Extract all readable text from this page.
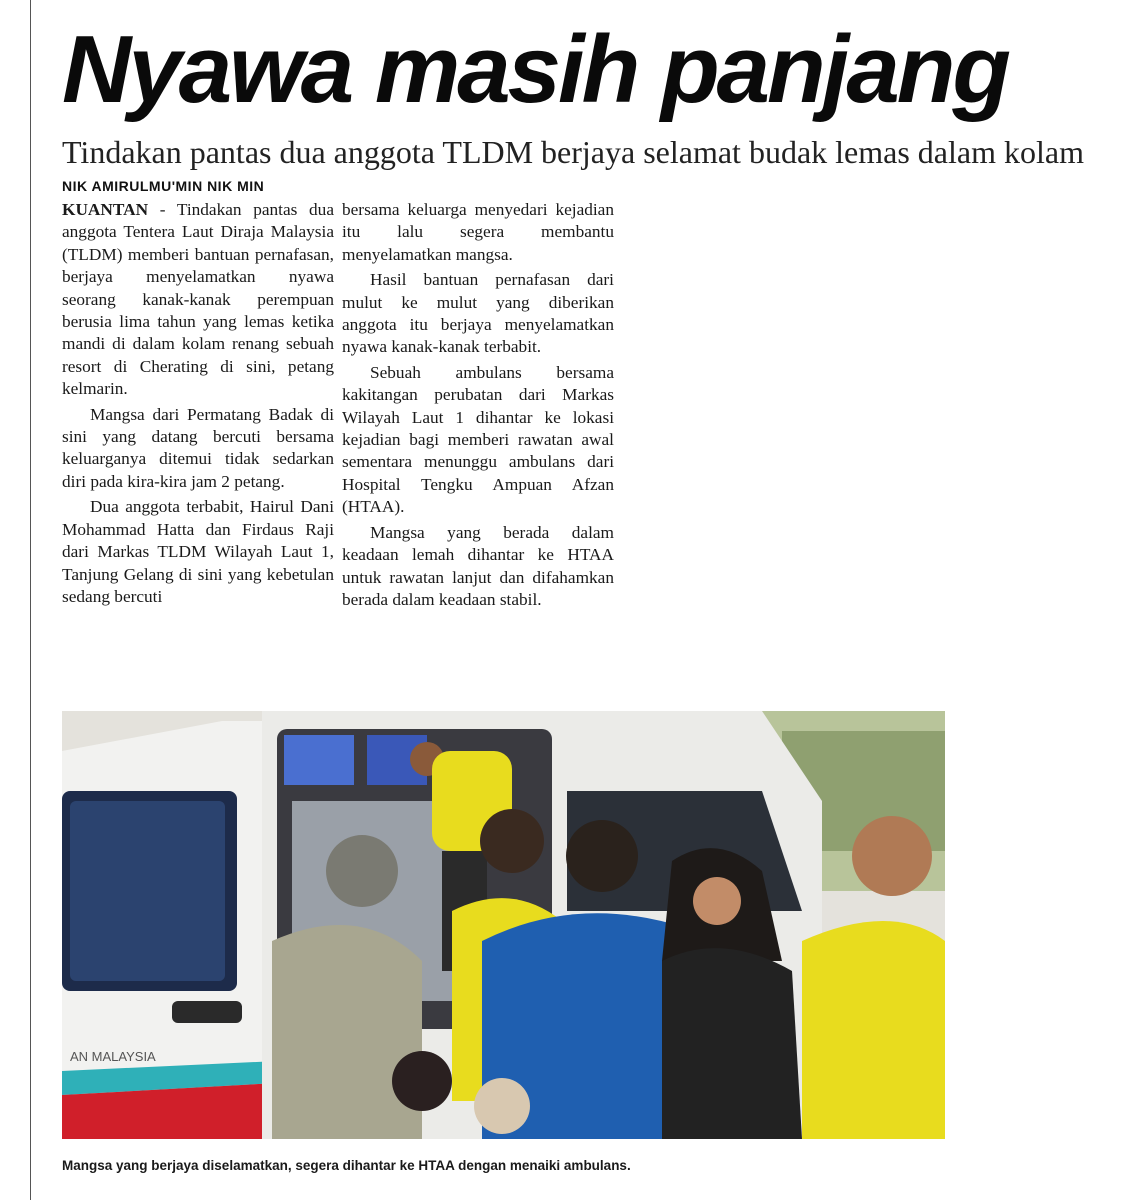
Nyawa masih panjang
Tindakan pantas dua anggota TLDM berjaya selamat budak lemas dalam kolam
NIK AMIRULMU'MIN NIK MIN

KUANTAN - Tindakan pantas dua anggota Tentera Laut Diraja Malaysia (TLDM) memberi bantuan pernafasan, berjaya menyelamatkan nyawa seorang kanak-kanak perempuan berusia lima tahun yang lemas ketika mandi di dalam kolam renang sebuah resort di Cherating di sini, petang kelmarin.

Mangsa dari Permatang Badak di sini yang datang bercuti bersama keluarganya ditemui tidak sedarkan diri pada kira-kira jam 2 petang.

Dua anggota terbabit, Hairul Dani Mohammad Hatta dan Firdaus Raji dari Markas TLDM Wilayah Laut 1, Tanjung Gelang di sini yang kebetulan sedang bercuti

bersama keluarga menyedari kejadian itu lalu segera membantu menyelamatkan mangsa.

Hasil bantuan pernafasan dari mulut ke mulut yang diberikan anggota itu berjaya menyelamatkan nyawa kanak-kanak terbabit.

Sebuah ambulans bersama kakitangan perubatan dari Markas Wilayah Laut 1 dihantar ke lokasi kejadian bagi memberi rawatan awal sementara menunggu ambulans dari Hospital Tengku Ampuan Afzan (HTAA).

Mangsa yang berada dalam keadaan lemah dihantar ke HTAA untuk rawatan lanjut dan difahamkan berada dalam keadaan stabil.

AN MALAYSIA
Mangsa yang berjaya diselamatkan, segera dihantar ke HTAA dengan menaiki ambulans.
